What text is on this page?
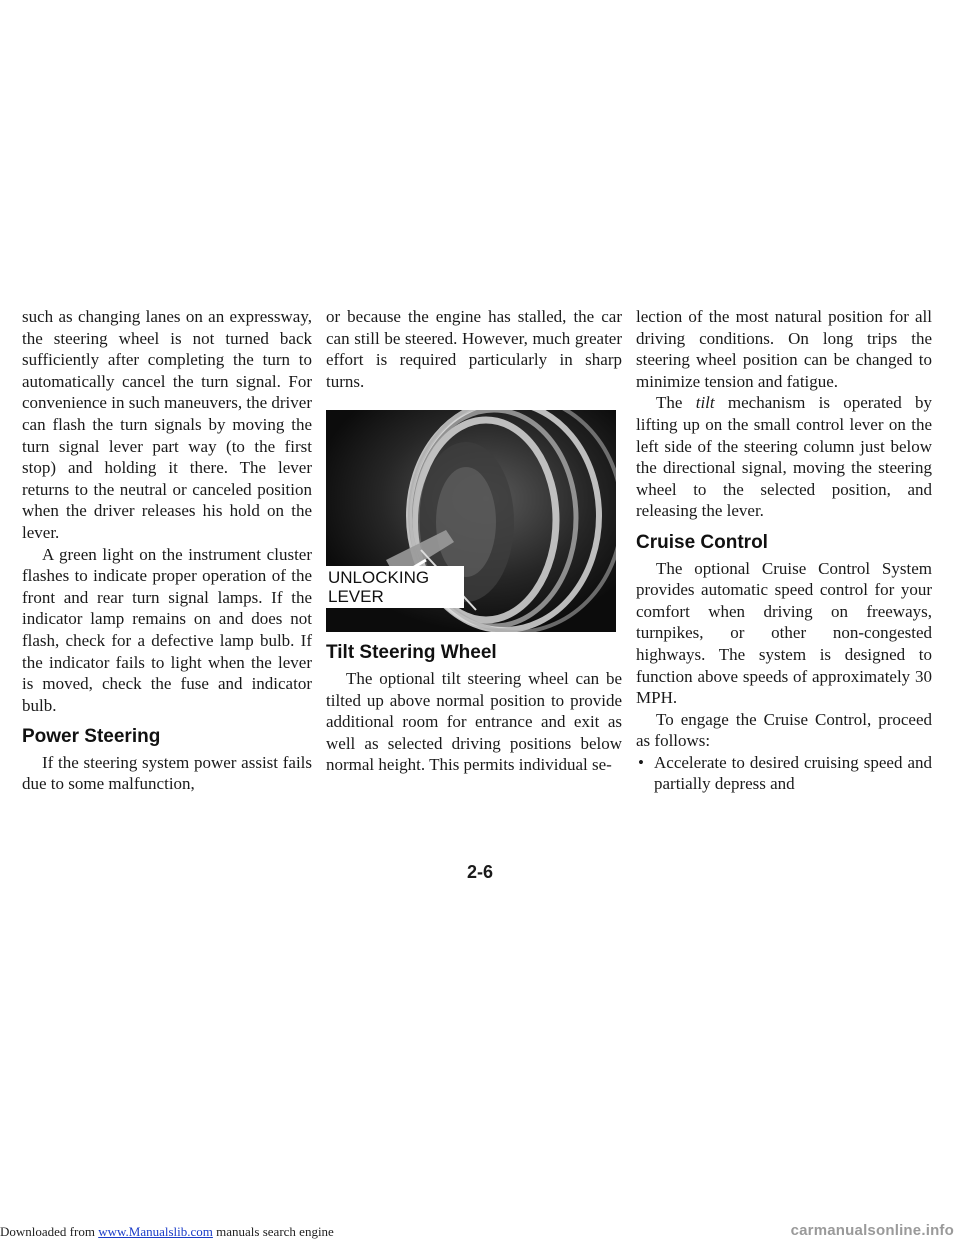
such as changing lanes on an expressway, the steering wheel is not turned back sufficiently after completing the turn to automatically cancel the turn signal. For convenience in such maneuvers, the driver can flash the turn signals by moving the turn signal lever part way (to the first stop) and holding it there. The lever returns to the neutral or canceled position when the driver releases his hold on the lever.

A green light on the instrument cluster flashes to indicate proper operation of the front and rear turn signal lamps. If the indicator lamp remains on and does not flash, check for a defective lamp bulb. If the indicator fails to light when the lever is moved, check the fuse and indicator bulb.

Power Steering

If the steering system power assist fails due to some malfunction,

or because the engine has stalled, the car can still be steered. However, much greater effort is required particularly in sharp turns.

UNLOCKING
LEVER
Tilt Steering Wheel

The optional tilt steering wheel can be tilted up above normal position to provide additional room for entrance and exit as well as selected driving positions below normal height. This permits individual se-

lection of the most natural position for all driving conditions. On long trips the steering wheel position can be changed to minimize tension and fatigue.

The tilt mechanism is operated by lifting up on the small control lever on the left side of the steering column just below the directional signal, moving the steering wheel to the selected position, and releasing the lever.

Cruise Control

The optional Cruise Control System provides automatic speed control for your comfort when driving on freeways, turnpikes, or other non-congested highways. The system is designed to function above speeds of approximately 30 MPH.

To engage the Cruise Control, proceed as follows:

• Accelerate to desired cruising speed and partially depress and

2-6
Downloaded from www.Manualslib.com manuals search engine	carmanualsonline.info
